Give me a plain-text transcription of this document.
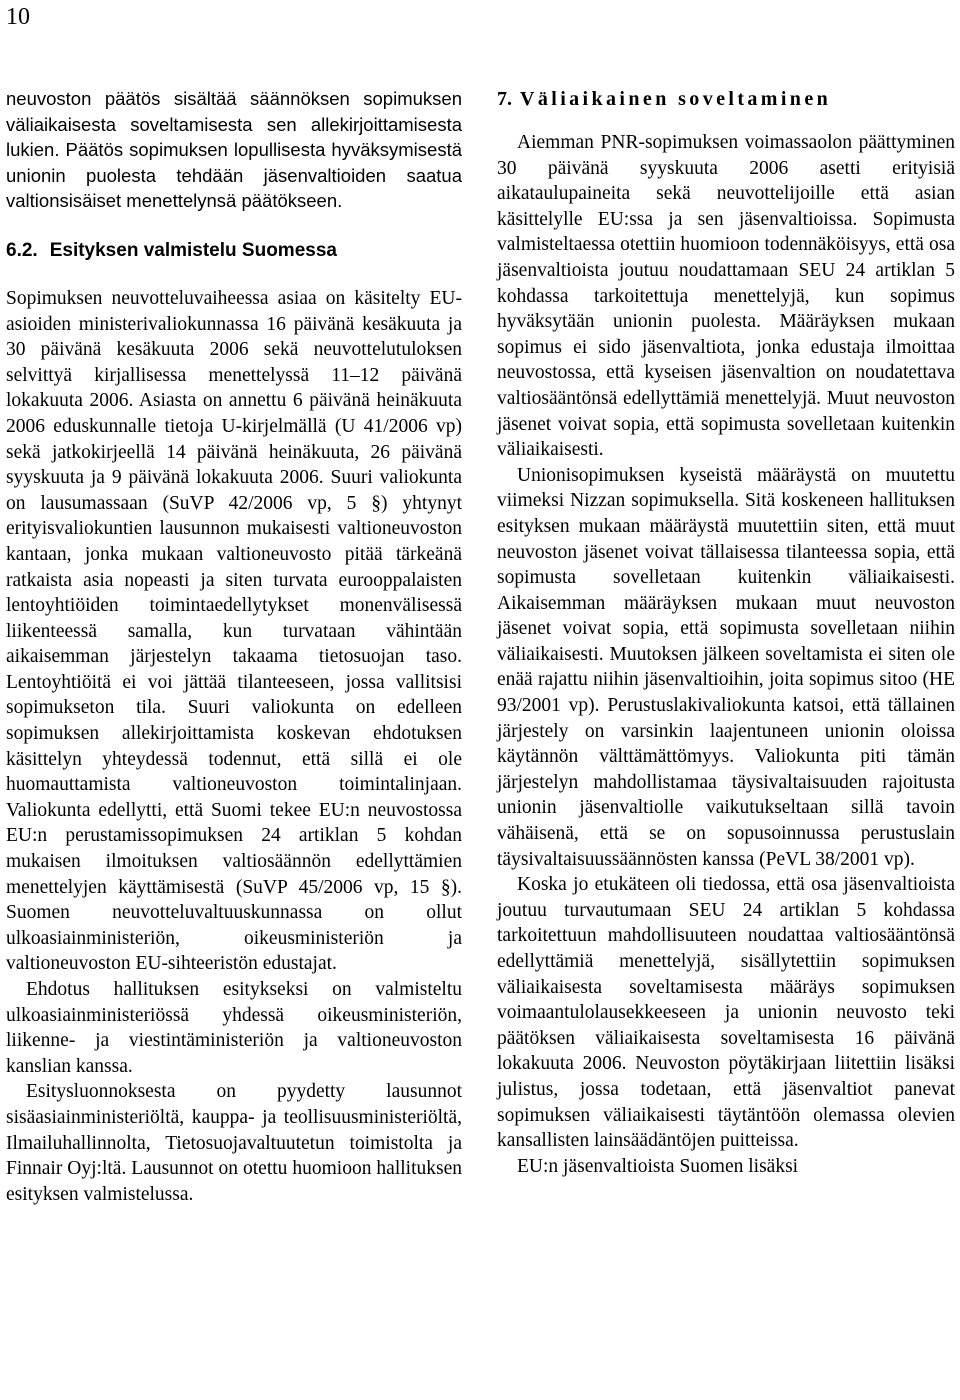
10

neuvoston päätös sisältää säännöksen sopimuksen väliaikaisesta soveltamisesta sen allekirjoittamisesta lukien. Päätös sopimuksen lopullisesta hyväksymisestä unionin puolesta tehdään jäsenvaltioiden saatua valtionsisäiset menettelynsä päätökseen.

6.2. Esityksen valmistelu Suomessa

Sopimuksen neuvotteluvaiheessa asiaa on käsitelty EU-asioiden ministerivaliokunnassa 16 päivänä kesäkuuta ja 30 päivänä kesäkuuta 2006 sekä neuvottelutuloksen selvittyä kirjallisessa menettelyssä 11–12 päivänä lokakuuta 2006. Asiasta on annettu 6 päivänä heinäkuuta 2006 eduskunnalle tietoja U-kirjelmällä (U 41/2006 vp) sekä jatkokirjeellä 14 päivänä heinäkuuta, 26 päivänä syyskuuta ja 9 päivänä lokakuuta 2006. Suuri valiokunta on lausumassaan (SuVP 42/2006 vp, 5 §) yhtynyt erityisvaliokuntien lausunnon mukaisesti valtioneuvoston kantaan, jonka mukaan valtioneuvosto pitää tärkeänä ratkaista asia nopeasti ja siten turvata eurooppalaisten lentoyhtiöiden toimintaedellytykset monenvälisessä liikenteessä samalla, kun turvataan vähintään aikaisemman järjestelyn takaama tietosuojan taso. Lentoyhtiöitä ei voi jättää tilanteeseen, jossa vallitsisi sopimukseton tila. Suuri valiokunta on edelleen sopimuksen allekirjoittamista koskevan ehdotuksen käsittelyn yhteydessä todennut, että sillä ei ole huomauttamista valtioneuvoston toimintalinjaan. Valiokunta edellytti, että Suomi tekee EU:n neuvostossa EU:n perustamissopimuksen 24 artiklan 5 kohdan mukaisen ilmoituksen valtiosäännön edellyttämien menettelyjen käyttämisestä (SuVP 45/2006 vp, 15 §). Suomen neuvotteluvaltuuskunnassa on ollut ulkoasiainministeriön, oikeusministeriön ja valtioneuvoston EU-sihteeristön edustajat.

Ehdotus hallituksen esitykseksi on valmisteltu ulkoasiainministeriössä yhdessä oikeusministeriön, liikenne- ja viestintäministeriön ja valtioneuvoston kanslian kanssa.

Esitysluonnoksesta on pyydetty lausunnot sisäasiainministeriöltä, kauppa- ja teollisuusministeriöltä, Ilmailuhallinnolta, Tietosuojavaltuutetun toimistolta ja Finnair Oyj:ltä. Lausunnot on otettu huomioon hallituksen esityksen valmistelussa.

7. Väliaikainen soveltaminen

Aiemman PNR-sopimuksen voimassaolon päättyminen 30 päivänä syyskuuta 2006 asetti erityisiä aikataulupaineita sekä neuvottelijoille että asian käsittelylle EU:ssa ja sen jäsenvaltioissa. Sopimusta valmisteltaessa otettiin huomioon todennäköisyys, että osa jäsenvaltioista joutuu noudattamaan SEU 24 artiklan 5 kohdassa tarkoitettuja menettelyjä, kun sopimus hyväksytään unionin puolesta. Määräyksen mukaan sopimus ei sido jäsenvaltiota, jonka edustaja ilmoittaa neuvostossa, että kyseisen jäsenvaltion on noudatettava valtiosääntönsä edellyttämiä menettelyjä. Muut neuvoston jäsenet voivat sopia, että sopimusta sovelletaan kuitenkin väliaikaisesti.

Unionisopimuksen kyseistä määräystä on muutettu viimeksi Nizzan sopimuksella. Sitä koskeneen hallituksen esityksen mukaan määräystä muutettiin siten, että muut neuvoston jäsenet voivat tällaisessa tilanteessa sopia, että sopimusta sovelletaan kuitenkin väliaikaisesti. Aikaisemman määräyksen mukaan muut neuvoston jäsenet voivat sopia, että sopimusta sovelletaan niihin väliaikaisesti. Muutoksen jälkeen soveltamista ei siten ole enää rajattu niihin jäsenvaltioihin, joita sopimus sitoo (HE 93/2001 vp). Perustuslakivaliokunta katsoi, että tällainen järjestely on varsinkin laajentuneen unionin oloissa käytännön välttämättömyys. Valiokunta piti tämän järjestelyn mahdollistamaa täysivaltaisuuden rajoitusta unionin jäsenvaltiolle vaikutukseltaan sillä tavoin vähäisenä, että se on sopusoinnussa perustuslain täysivaltaisuussäännösten kanssa (PeVL 38/2001 vp).

Koska jo etukäteen oli tiedossa, että osa jäsenvaltioista joutuu turvautumaan SEU 24 artiklan 5 kohdassa tarkoitettuun mahdollisuuteen noudattaa valtiosääntönsä edellyttämiä menettelyjä, sisällytettiin sopimuksen väliaikaisesta soveltamisesta määräys sopimuksen voimaantulolausekkeeseen ja unionin neuvosto teki päätöksen väliaikaisesta soveltamisesta 16 päivänä lokakuuta 2006. Neuvoston pöytäkirjaan liitettiin lisäksi julistus, jossa todetaan, että jäsenvaltiot panevat sopimuksen väliaikaisesti täytäntöön olemassa olevien kansallisten lainsäädäntöjen puitteissa.

EU:n jäsenvaltioista Suomen lisäksi
